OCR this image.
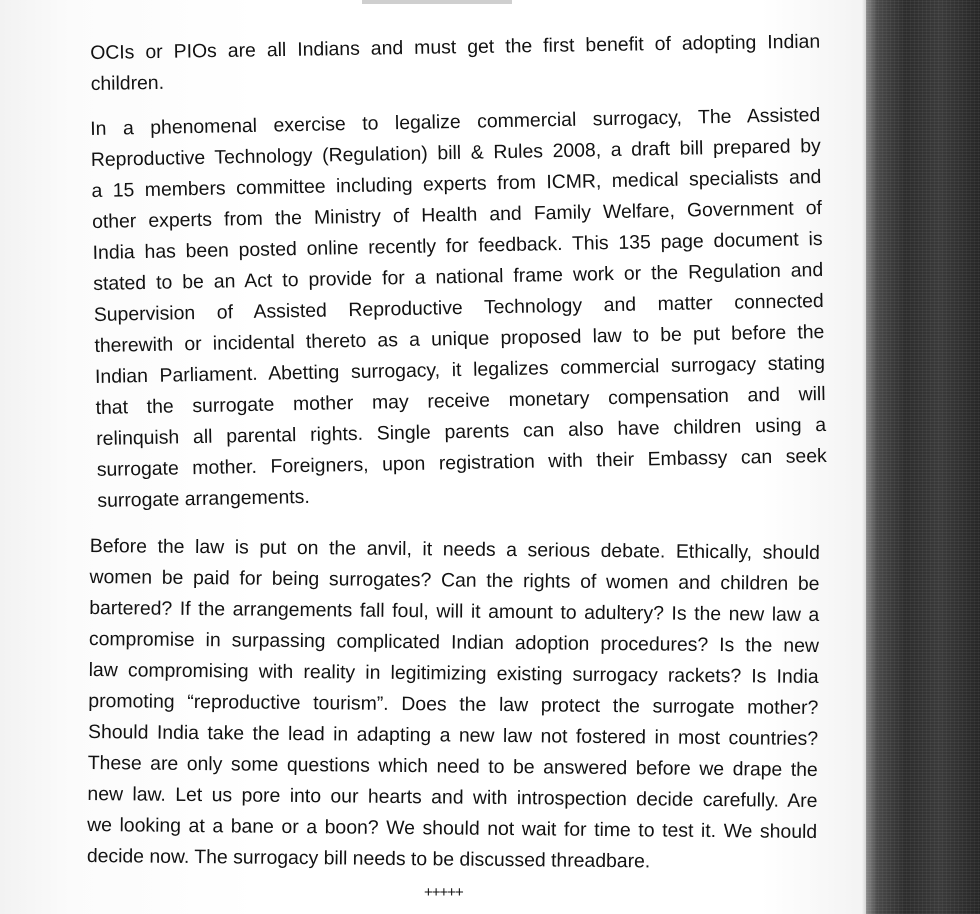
OCIs or PIOs are all Indians and must get the first benefit of adopting Indian
children.
In a phenomenal exercise to legalize commercial surrogacy, The Assisted
Reproductive Technology (Regulation) bill & Rules 2008, a draft bill prepared by
a 15 members committee including experts from ICMR, medical specialists and
other experts from the Ministry of Health and Family Welfare, Government of
India has been posted online recently for feedback. This 135 page document is
stated to be an Act to provide for a national frame work or the Regulation and
Supervision of Assisted Reproductive Technology and matter connected
therewith or incidental thereto as a unique proposed law to be put before the
Indian Parliament. Abetting surrogacy, it legalizes commercial surrogacy stating
that the surrogate mother may receive monetary compensation and will
relinquish all parental rights. Single parents can also have children using a
surrogate mother. Foreigners, upon registration with their Embassy can seek
surrogate arrangements.
Before the law is put on the anvil, it needs a serious debate. Ethically, should
women be paid for being surrogates? Can the rights of women and children be
bartered? If the arrangements fall foul, will it amount to adultery? Is the new law a
compromise in surpassing complicated Indian adoption procedures? Is the new
law compromising with reality in legitimizing existing surrogacy rackets? Is India
promoting “reproductive tourism”. Does the law protect the surrogate mother?
Should India take the lead in adapting a new law not fostered in most countries?
These are only some questions which need to be answered before we drape the
new law. Let us pore into our hearts and with introspection decide carefully. Are
we looking at a bane or a boon? We should not wait for time to test it. We should
decide now. The surrogacy bill needs to be discussed threadbare.
+++++
